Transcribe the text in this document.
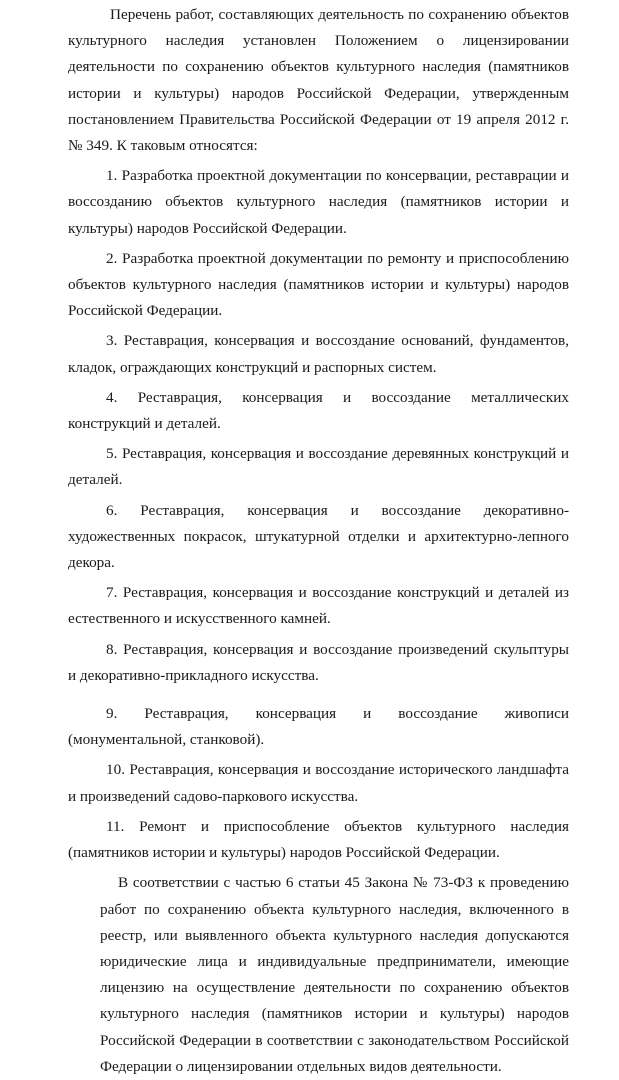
Перечень работ, составляющих деятельность по сохранению объектов культурного наследия установлен Положением о лицензировании деятельности по сохранению объектов культурного наследия (памятников истории и культуры) народов Российской Федерации, утвержденным постановлением Правительства Российской Федерации от 19 апреля 2012 г. № 349. К таковым относятся:

1. Разработка проектной документации по консервации, реставрации и воссозданию объектов культурного наследия (памятников истории и культуры) народов Российской Федерации.

2. Разработка проектной документации по ремонту и приспособлению объектов культурного наследия (памятников истории и культуры) народов Российской Федерации.

3. Реставрация, консервация и воссоздание оснований, фундаментов, кладок, ограждающих конструкций и распорных систем.

4. Реставрация, консервация и воссоздание металлических конструкций и деталей.

5. Реставрация, консервация и воссоздание деревянных конструкций и деталей.

6. Реставрация, консервация и воссоздание декоративно-художественных покрасок, штукатурной отделки и архитектурно-лепного декора.

7. Реставрация, консервация и воссоздание конструкций и деталей из естественного и искусственного камней.

8. Реставрация, консервация и воссоздание произведений скульптуры и декоративно-прикладного искусства.

9. Реставрация, консервация и воссоздание живописи (монументальной, станковой).

10. Реставрация, консервация и воссоздание исторического ландшафта и произведений садово-паркового искусства.

11. Ремонт и приспособление объектов культурного наследия (памятников истории и культуры) народов Российской Федерации.

В соответствии с частью 6 статьи 45 Закона № 73-ФЗ к проведению работ по сохранению объекта культурного наследия, включенного в реестр, или выявленного объекта культурного наследия допускаются юридические лица и индивидуальные предприниматели, имеющие лицензию на осуществление деятельности по сохранению объектов культурного наследия (памятников истории и культуры) народов Российской Федерации в соответствии с законодательством Российской Федерации о лицензировании отдельных видов деятельности.
